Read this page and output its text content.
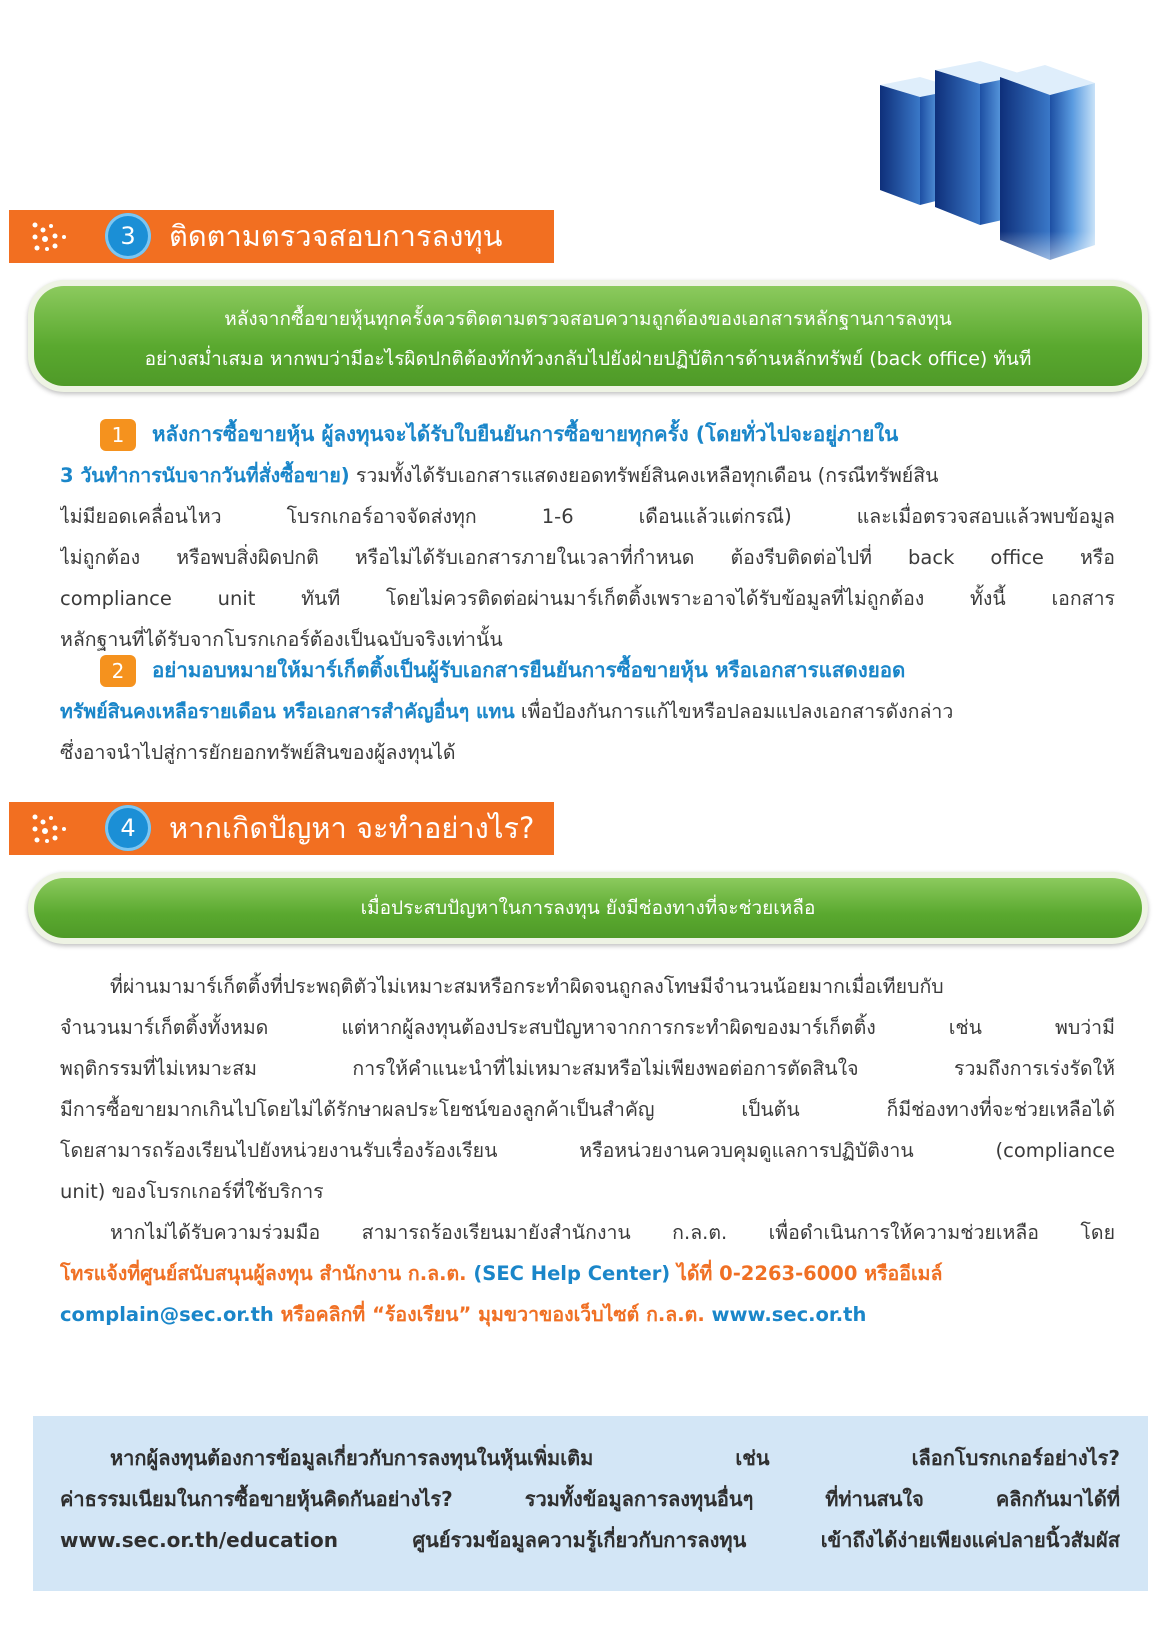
3	ติดตามตรวจสอบการลงทุน

หลังจากซื้อขายหุ้นทุกครั้งควรติดตามตรวจสอบความถูกต้องของเอกสารหลักฐานการลงทุน

อย่างสม่ำเสมอ หากพบว่ามีอะไรผิดปกติต้องทักท้วงกลับไปยังฝ่ายปฏิบัติการด้านหลักทรัพย์ (back office) ทันที

1 หลังการซื้อขายหุ้น ผู้ลงทุนจะได้รับใบยืนยันการซื้อขายทุกครั้ง (โดยทั่วไปจะอยู่ภายใน
3 วันทำการนับจากวันที่สั่งซื้อขาย) รวมทั้งได้รับเอกสารแสดงยอดทรัพย์สินคงเหลือทุกเดือน (กรณีทรัพย์สิน
ไม่มียอดเคลื่อนไหว โบรกเกอร์อาจจัดส่งทุก 1-6 เดือนแล้วแต่กรณี) และเมื่อตรวจสอบแล้วพบข้อมูล
ไม่ถูกต้อง หรือพบสิ่งผิดปกติ หรือไม่ได้รับเอกสารภายในเวลาที่กำหนด ต้องรีบติดต่อไปที่ back office หรือ
compliance unit ทันที โดยไม่ควรติดต่อผ่านมาร์เก็ตติ้งเพราะอาจได้รับข้อมูลที่ไม่ถูกต้อง ทั้งนี้ เอกสาร
หลักฐานที่ได้รับจากโบรกเกอร์ต้องเป็นฉบับจริงเท่านั้น
2 อย่ามอบหมายให้มาร์เก็ตติ้งเป็นผู้รับเอกสารยืนยันการซื้อขายหุ้น หรือเอกสารแสดงยอด
ทรัพย์สินคงเหลือรายเดือน หรือเอกสารสำคัญอื่นๆ แทน เพื่อป้องกันการแก้ไขหรือปลอมแปลงเอกสารดังกล่าว
ซึ่งอาจนำไปสู่การยักยอกทรัพย์สินของผู้ลงทุนได้
4	หากเกิดปัญหา จะทำอย่างไร?

เมื่อประสบปัญหาในการลงทุน ยังมีช่องทางที่จะช่วยเหลือ

ที่ผ่านมามาร์เก็ตติ้งที่ประพฤติตัวไม่เหมาะสมหรือกระทำผิดจนถูกลงโทษมีจำนวนน้อยมากเมื่อเทียบกับ
จำนวนมาร์เก็ตติ้งทั้งหมด แต่หากผู้ลงทุนต้องประสบปัญหาจากการกระทำผิดของมาร์เก็ตติ้ง เช่น พบว่ามี
พฤติกรรมที่ไม่เหมาะสม การให้คำแนะนำที่ไม่เหมาะสมหรือไม่เพียงพอต่อการตัดสินใจ รวมถึงการเร่งรัดให้
มีการซื้อขายมากเกินไปโดยไม่ได้รักษาผลประโยชน์ของลูกค้าเป็นสำคัญ เป็นต้น ก็มีช่องทางที่จะช่วยเหลือได้
โดยสามารถร้องเรียนไปยังหน่วยงานรับเรื่องร้องเรียน หรือหน่วยงานควบคุมดูแลการปฏิบัติงาน (compliance
unit) ของโบรกเกอร์ที่ใช้บริการ
หากไม่ได้รับความร่วมมือ สามารถร้องเรียนมายังสำนักงาน ก.ล.ต. เพื่อดำเนินการให้ความช่วยเหลือ โดย
โทรแจ้งที่ศูนย์สนับสนุนผู้ลงทุน สำนักงาน ก.ล.ต. (SEC Help Center) ได้ที่ 0-2263-6000 หรืออีเมล์
complain@sec.or.th หรือคลิกที่ “ร้องเรียน” มุมขวาของเว็บไซต์ ก.ล.ต. www.sec.or.th
หากผู้ลงทุนต้องการข้อมูลเกี่ยวกับการลงทุนในหุ้นเพิ่มเติม เช่น เลือกโบรกเกอร์อย่างไร?
ค่าธรรมเนียมในการซื้อขายหุ้นคิดกันอย่างไร? รวมทั้งข้อมูลการลงทุนอื่นๆ ที่ท่านสนใจ คลิกกันมาได้ที่
www.sec.or.th/education ศูนย์รวมข้อมูลความรู้เกี่ยวกับการลงทุน เข้าถึงได้ง่ายเพียงแค่ปลายนิ้วสัมผัส
